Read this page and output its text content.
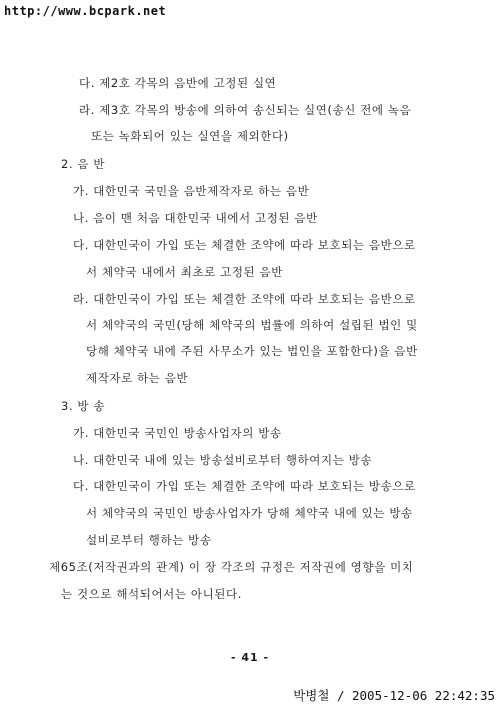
http://www.bcpark.net
다. 제2호 각목의 음반에 고정된 실연
라. 제3호 각목의 방송에 의하여 송신되는 실연(송신 전에 녹음
또는 녹화되어 있는 실연을 제외한다)
2. 음 반
가. 대한민국 국민을 음반제작자로 하는 음반
나. 음이 맨 처음 대한민국 내에서 고정된 음반
다. 대한민국이 가입 또는 체결한 조약에 따라 보호되는 음반으로
서 체약국 내에서 최초로 고정된 음반
라. 대한민국이 가입 또는 체결한 조약에 따라 보호되는 음반으로
서 체약국의 국민(당해 체약국의 법률에 의하여 설립된 법인 및
당해 체약국 내에 주된 사무소가 있는 법인을 포함한다)을 음반
제작자로 하는 음반
3. 방 송
가. 대한민국 국민인 방송사업자의 방송
나. 대한민국 내에 있는 방송설비로부터 행하여지는 방송
다. 대한민국이 가입 또는 체결한 조약에 따라 보호되는 방송으로
서 체약국의 국민인 방송사업자가 당해 체약국 내에 있는 방송
설비로부터 행하는 방송
제65조(저작권과의 관계) 이 장 각조의 규정은 저작권에 영향을 미치
는 것으로 해석되어서는 아니된다.
- 41 -
박병철 / 2005-12-06 22:42:35
